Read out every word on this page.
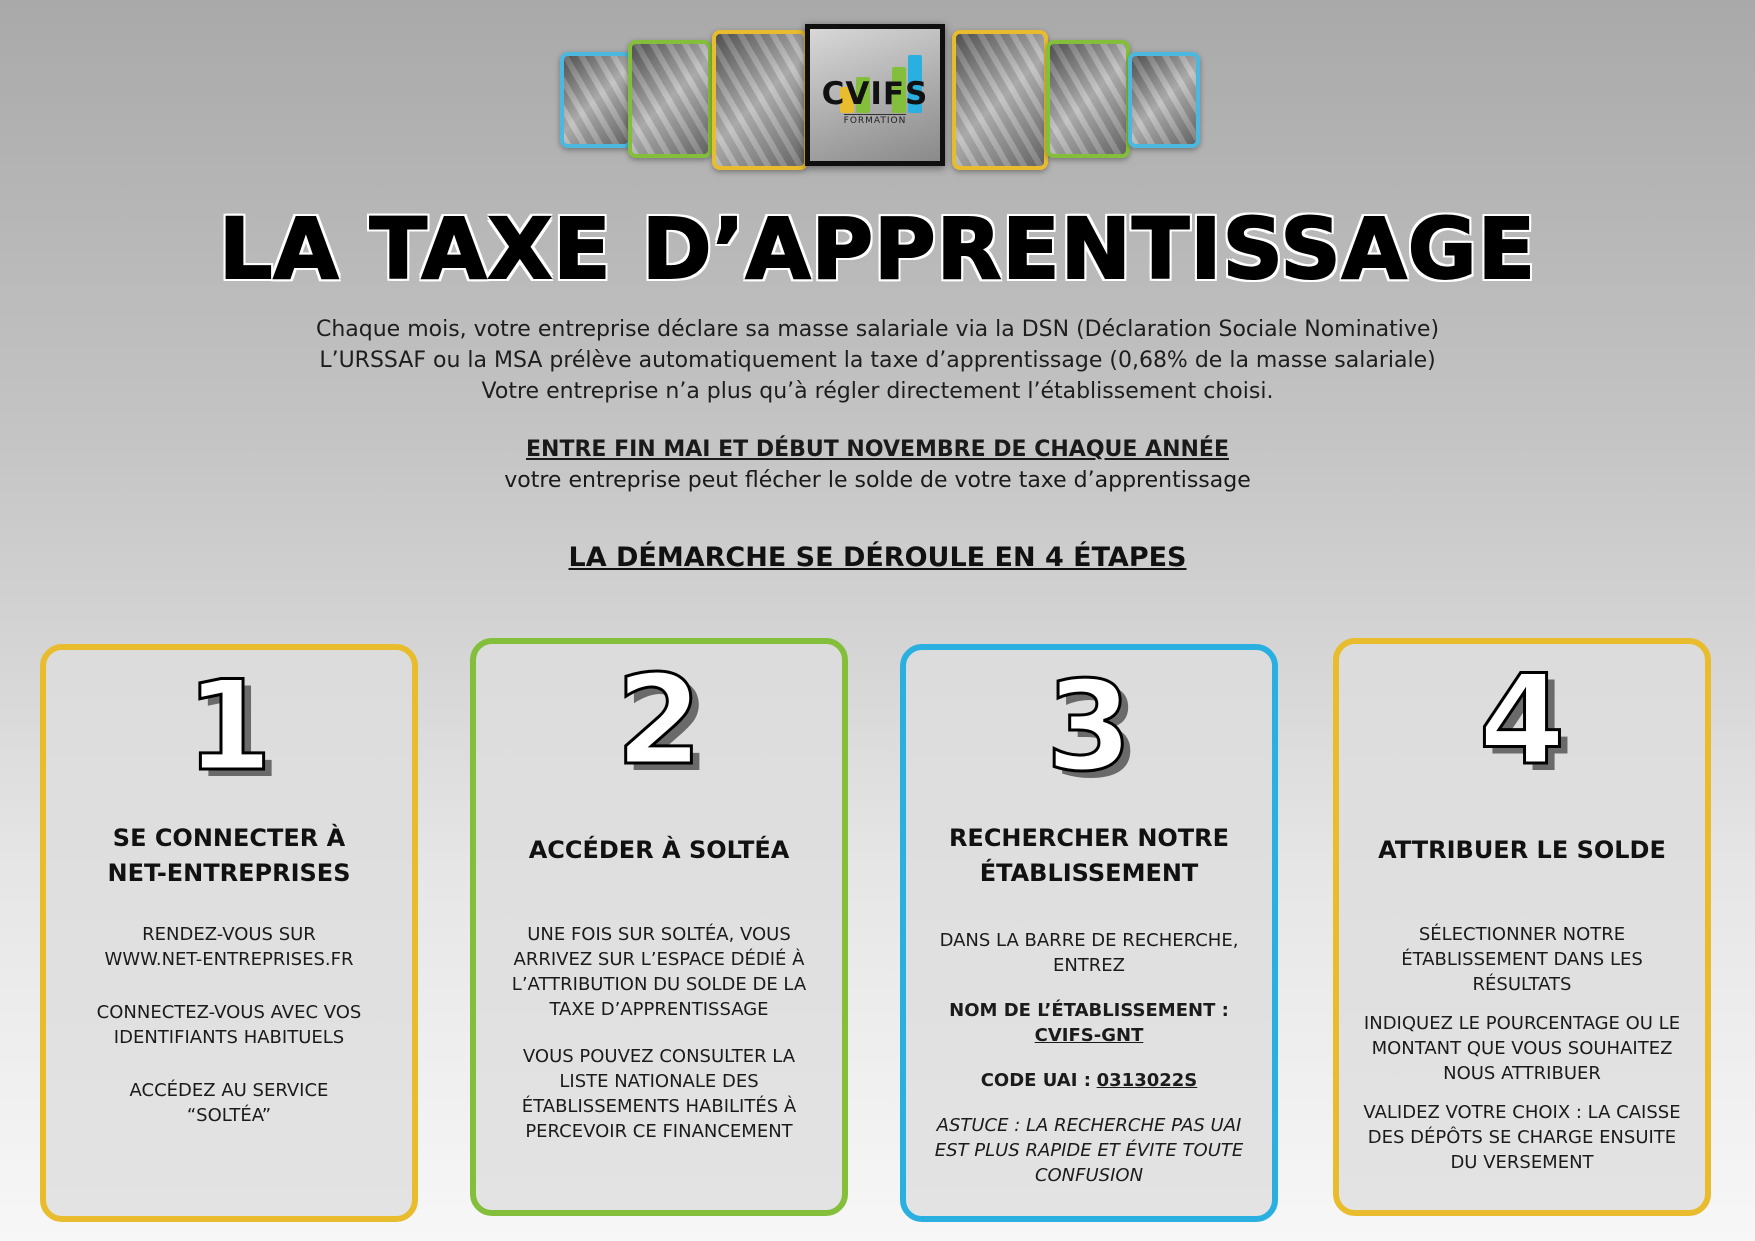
CVIFS
FORMATION
LA TAXE D’APPRENTISSAGE

Chaque mois, votre entreprise déclare sa masse salariale via la DSN (Déclaration Sociale Nominative)

L’URSSAF ou la MSA prélève automatiquement la taxe d’apprentissage (0,68% de la masse salariale)

Votre entreprise n’a plus qu’à régler directement l’établissement choisi.

ENTRE FIN MAI ET DÉBUT NOVEMBRE DE CHAQUE ANNÉE
votre entreprise peut flécher le solde de votre taxe d’apprentissage
LA DÉMARCHE SE DÉROULE EN 4 ÉTAPES
1
SE CONNECTER À
NET-ENTREPRISES

RENDEZ-VOUS SUR WWW.NET-ENTREPRISES.FR

CONNECTEZ-VOUS AVEC VOS IDENTIFIANTS HABITUELS

ACCÉDEZ AU SERVICE “SOLTÉA”

2
ACCÉDER À SOLTÉA

UNE FOIS SUR SOLTÉA, VOUS ARRIVEZ SUR L’ESPACE DÉDIÉ À L’ATTRIBUTION DU SOLDE DE LA TAXE D’APPRENTISSAGE

VOUS POUVEZ CONSULTER LA LISTE NATIONALE DES ÉTABLISSEMENTS HABILITÉS À PERCEVOIR CE FINANCEMENT

3
RECHERCHER NOTRE
ÉTABLISSEMENT

DANS LA BARRE DE RECHERCHE, ENTREZ

NOM DE L’ÉTABLISSEMENT :
CVIFS-GNT

CODE UAI : 0313022S

ASTUCE : LA RECHERCHE PAS UAI EST PLUS RAPIDE ET ÉVITE TOUTE CONFUSION

4
ATTRIBUER LE SOLDE

SÉLECTIONNER NOTRE ÉTABLISSEMENT DANS LES RÉSULTATS

INDIQUEZ LE POURCENTAGE OU LE MONTANT QUE VOUS SOUHAITEZ NOUS ATTRIBUER

VALIDEZ VOTRE CHOIX : LA CAISSE DES DÉPÔTS SE CHARGE ENSUITE DU VERSEMENT
